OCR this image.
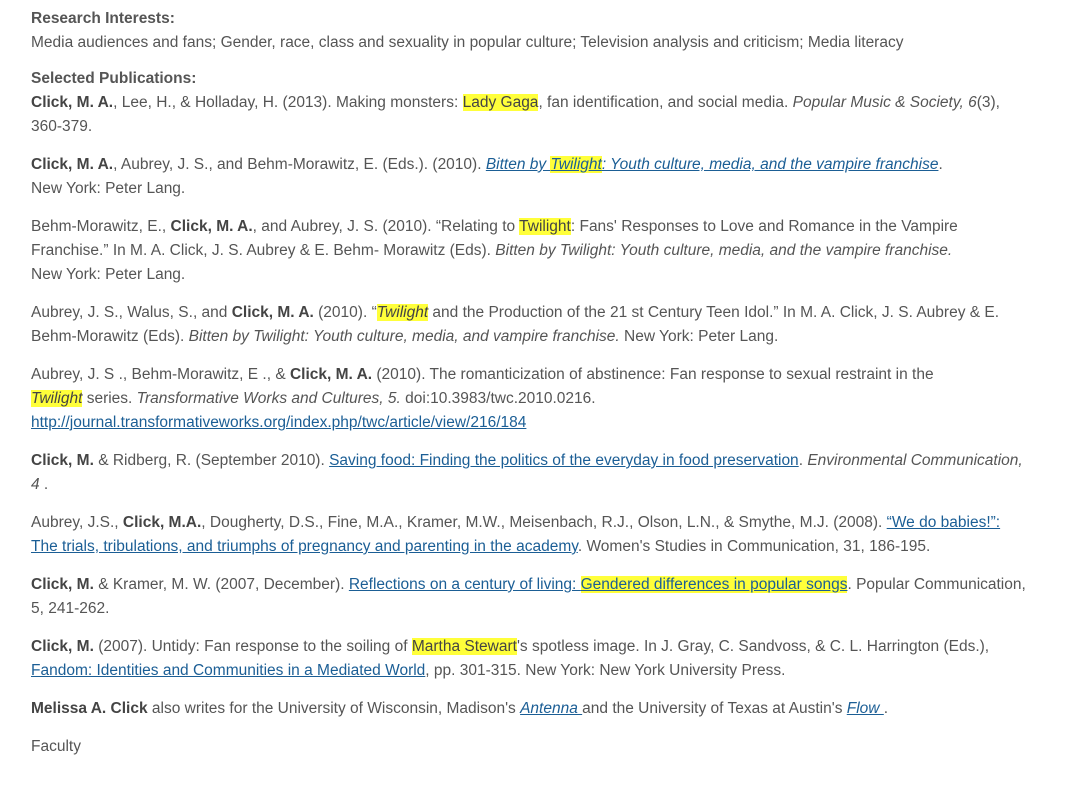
Research Interests:

Media audiences and fans; Gender, race, class and sexuality in popular culture; Television analysis and criticism; Media literacy

Selected Publications:

Click, M. A., Lee, H., & Holladay, H. (2013). Making monsters: Lady Gaga, fan identification, and social media. Popular Music & Society, 6(3), 360-379.

Click, M. A., Aubrey, J. S., and Behm-Morawitz, E. (Eds.). (2010). Bitten by Twilight: Youth culture, media, and the vampire franchise.
New York: Peter Lang.

Behm-Morawitz, E., Click, M. A., and Aubrey, J. S. (2010). “Relating to Twilight: Fans' Responses to Love and Romance in the Vampire Franchise.” In M. A. Click, J. S. Aubrey & E. Behm- Morawitz (Eds). Bitten by Twilight: Youth culture, media, and the vampire franchise.
New York: Peter Lang.

Aubrey, J. S., Walus, S., and Click, M. A. (2010). “Twilight and the Production of the 21 st Century Teen Idol.” In M. A. Click, J. S. Aubrey & E. Behm-Morawitz (Eds). Bitten by Twilight: Youth culture, media, and vampire franchise. New York: Peter Lang.

Aubrey, J. S ., Behm-Morawitz, E ., & Click, M. A. (2010). The romanticization of abstinence: Fan response to sexual restraint in the
Twilight series. Transformative Works and Cultures, 5. doi:10.3983/twc.2010.0216.
http://journal.transformativeworks.org/index.php/twc/article/view/216/184

Click, M. & Ridberg, R. (September 2010). Saving food: Finding the politics of the everyday in food preservation. Environmental Communication, 4 .

Aubrey, J.S., Click, M.A., Dougherty, D.S., Fine, M.A., Kramer, M.W., Meisenbach, R.J., Olson, L.N., & Smythe, M.J. (2008). “We do babies!”: The trials, tribulations, and triumphs of pregnancy and parenting in the academy. Women's Studies in Communication, 31, 186-195.

Click, M. & Kramer, M. W. (2007, December). Reflections on a century of living: Gendered differences in popular songs. Popular Communication, 5, 241-262.

Click, M. (2007). Untidy: Fan response to the soiling of Martha Stewart's spotless image. In J. Gray, C. Sandvoss, & C. L. Harrington (Eds.), Fandom: Identities and Communities in a Mediated World, pp. 301-315. New York: New York University Press.

Melissa A. Click also writes for the University of Wisconsin, Madison's Antenna and the University of Texas at Austin's Flow .

Faculty
